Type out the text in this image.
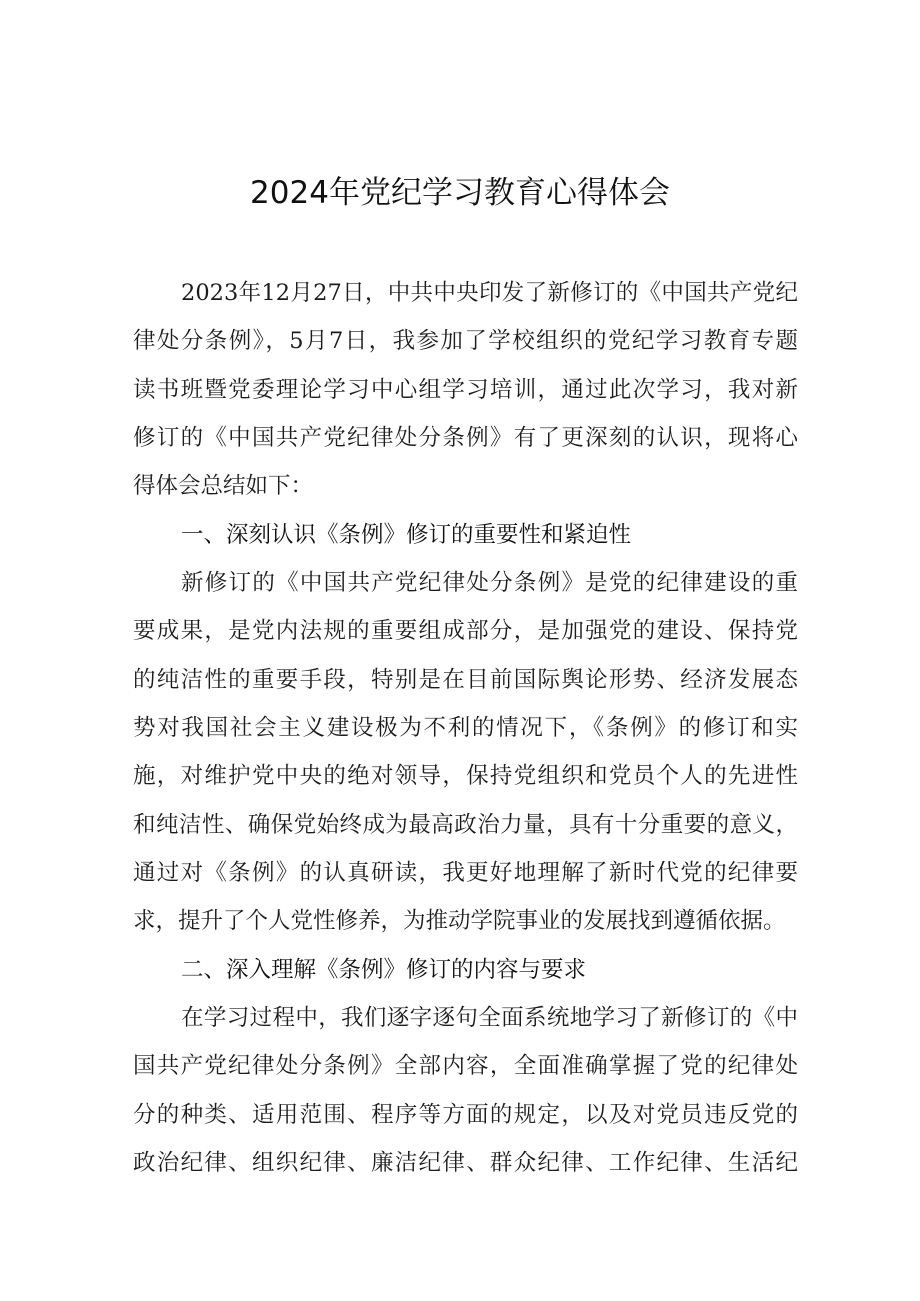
2024年党纪学习教育心得体会
2023年12月27日，中共中央印发了新修订的《中国共产党纪
律处分条例》，5月7日，我参加了学校组织的党纪学习教育专题
读书班暨党委理论学习中心组学习培训，通过此次学习，我对新
修订的《中国共产党纪律处分条例》有了更深刻的认识，现将心
得体会总结如下：
一、深刻认识《条例》修订的重要性和紧迫性
新修订的《中国共产党纪律处分条例》是党的纪律建设的重
要成果，是党内法规的重要组成部分，是加强党的建设、保持党
的纯洁性的重要手段，特别是在目前国际舆论形势、经济发展态
势对我国社会主义建设极为不利的情况下，《条例》的修订和实
施，对维护党中央的绝对领导，保持党组织和党员个人的先进性
和纯洁性、确保党始终成为最高政治力量，具有十分重要的意义，
通过对《条例》的认真研读，我更好地理解了新时代党的纪律要
求，提升了个人党性修养，为推动学院事业的发展找到遵循依据。
二、深入理解《条例》修订的内容与要求
在学习过程中，我们逐字逐句全面系统地学习了新修订的《中
国共产党纪律处分条例》全部内容，全面准确掌握了党的纪律处
分的种类、适用范围、程序等方面的规定，以及对党员违反党的
政治纪律、组织纪律、廉洁纪律、群众纪律、工作纪律、生活纪
